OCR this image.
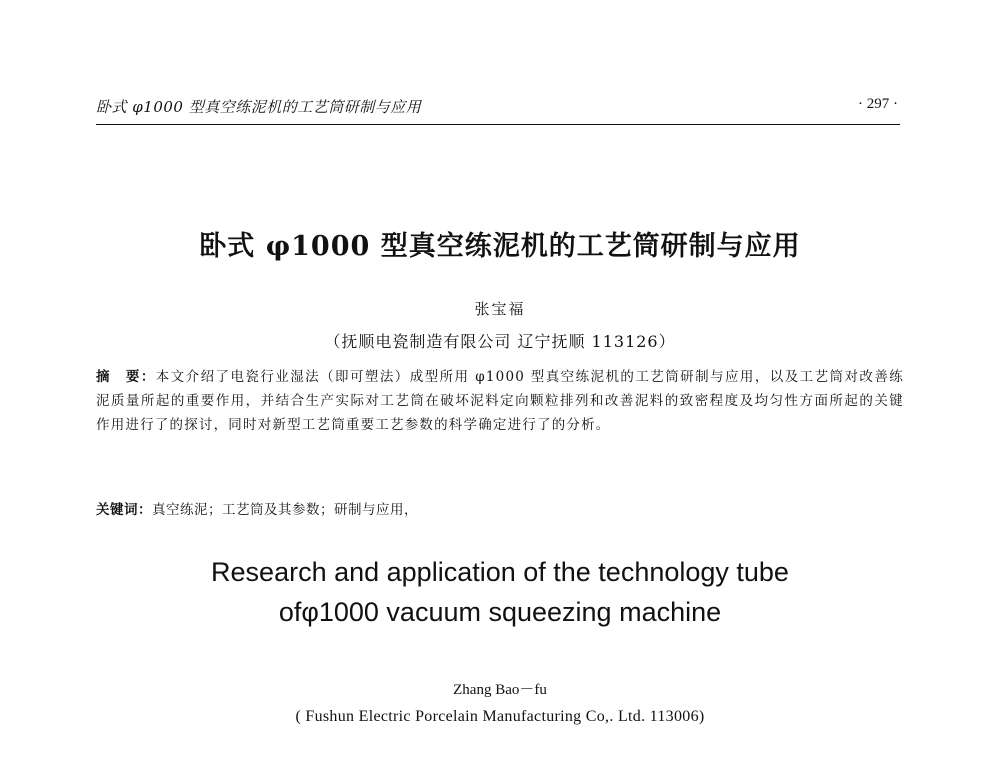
卧式 φ1000 型真空练泥机的工艺筒研制与应用	· 297 ·
卧式 φ1000 型真空练泥机的工艺筒研制与应用
张宝福
（抚顺电瓷制造有限公司 辽宁抚顺 113126）
摘　要：本文介绍了电瓷行业湿法（即可塑法）成型所用 φ1000 型真空练泥机的工艺筒研制与应用，以及工艺筒对改善练泥质量所起的重要作用，并结合生产实际对工艺筒在破坏泥料定向颗粒排列和改善泥料的致密程度及均匀性方面所起的关键作用进行了的探讨，同时对新型工艺筒重要工艺参数的科学确定进行了的分析。
关键词：真空练泥；工艺筒及其参数；研制与应用，
Research and application of the technology tube
ofφ1000 vacuum squeezing machine
Zhang Bao－fu
( Fushun Electric Porcelain Manufacturing Co,. Ltd. 113006)
